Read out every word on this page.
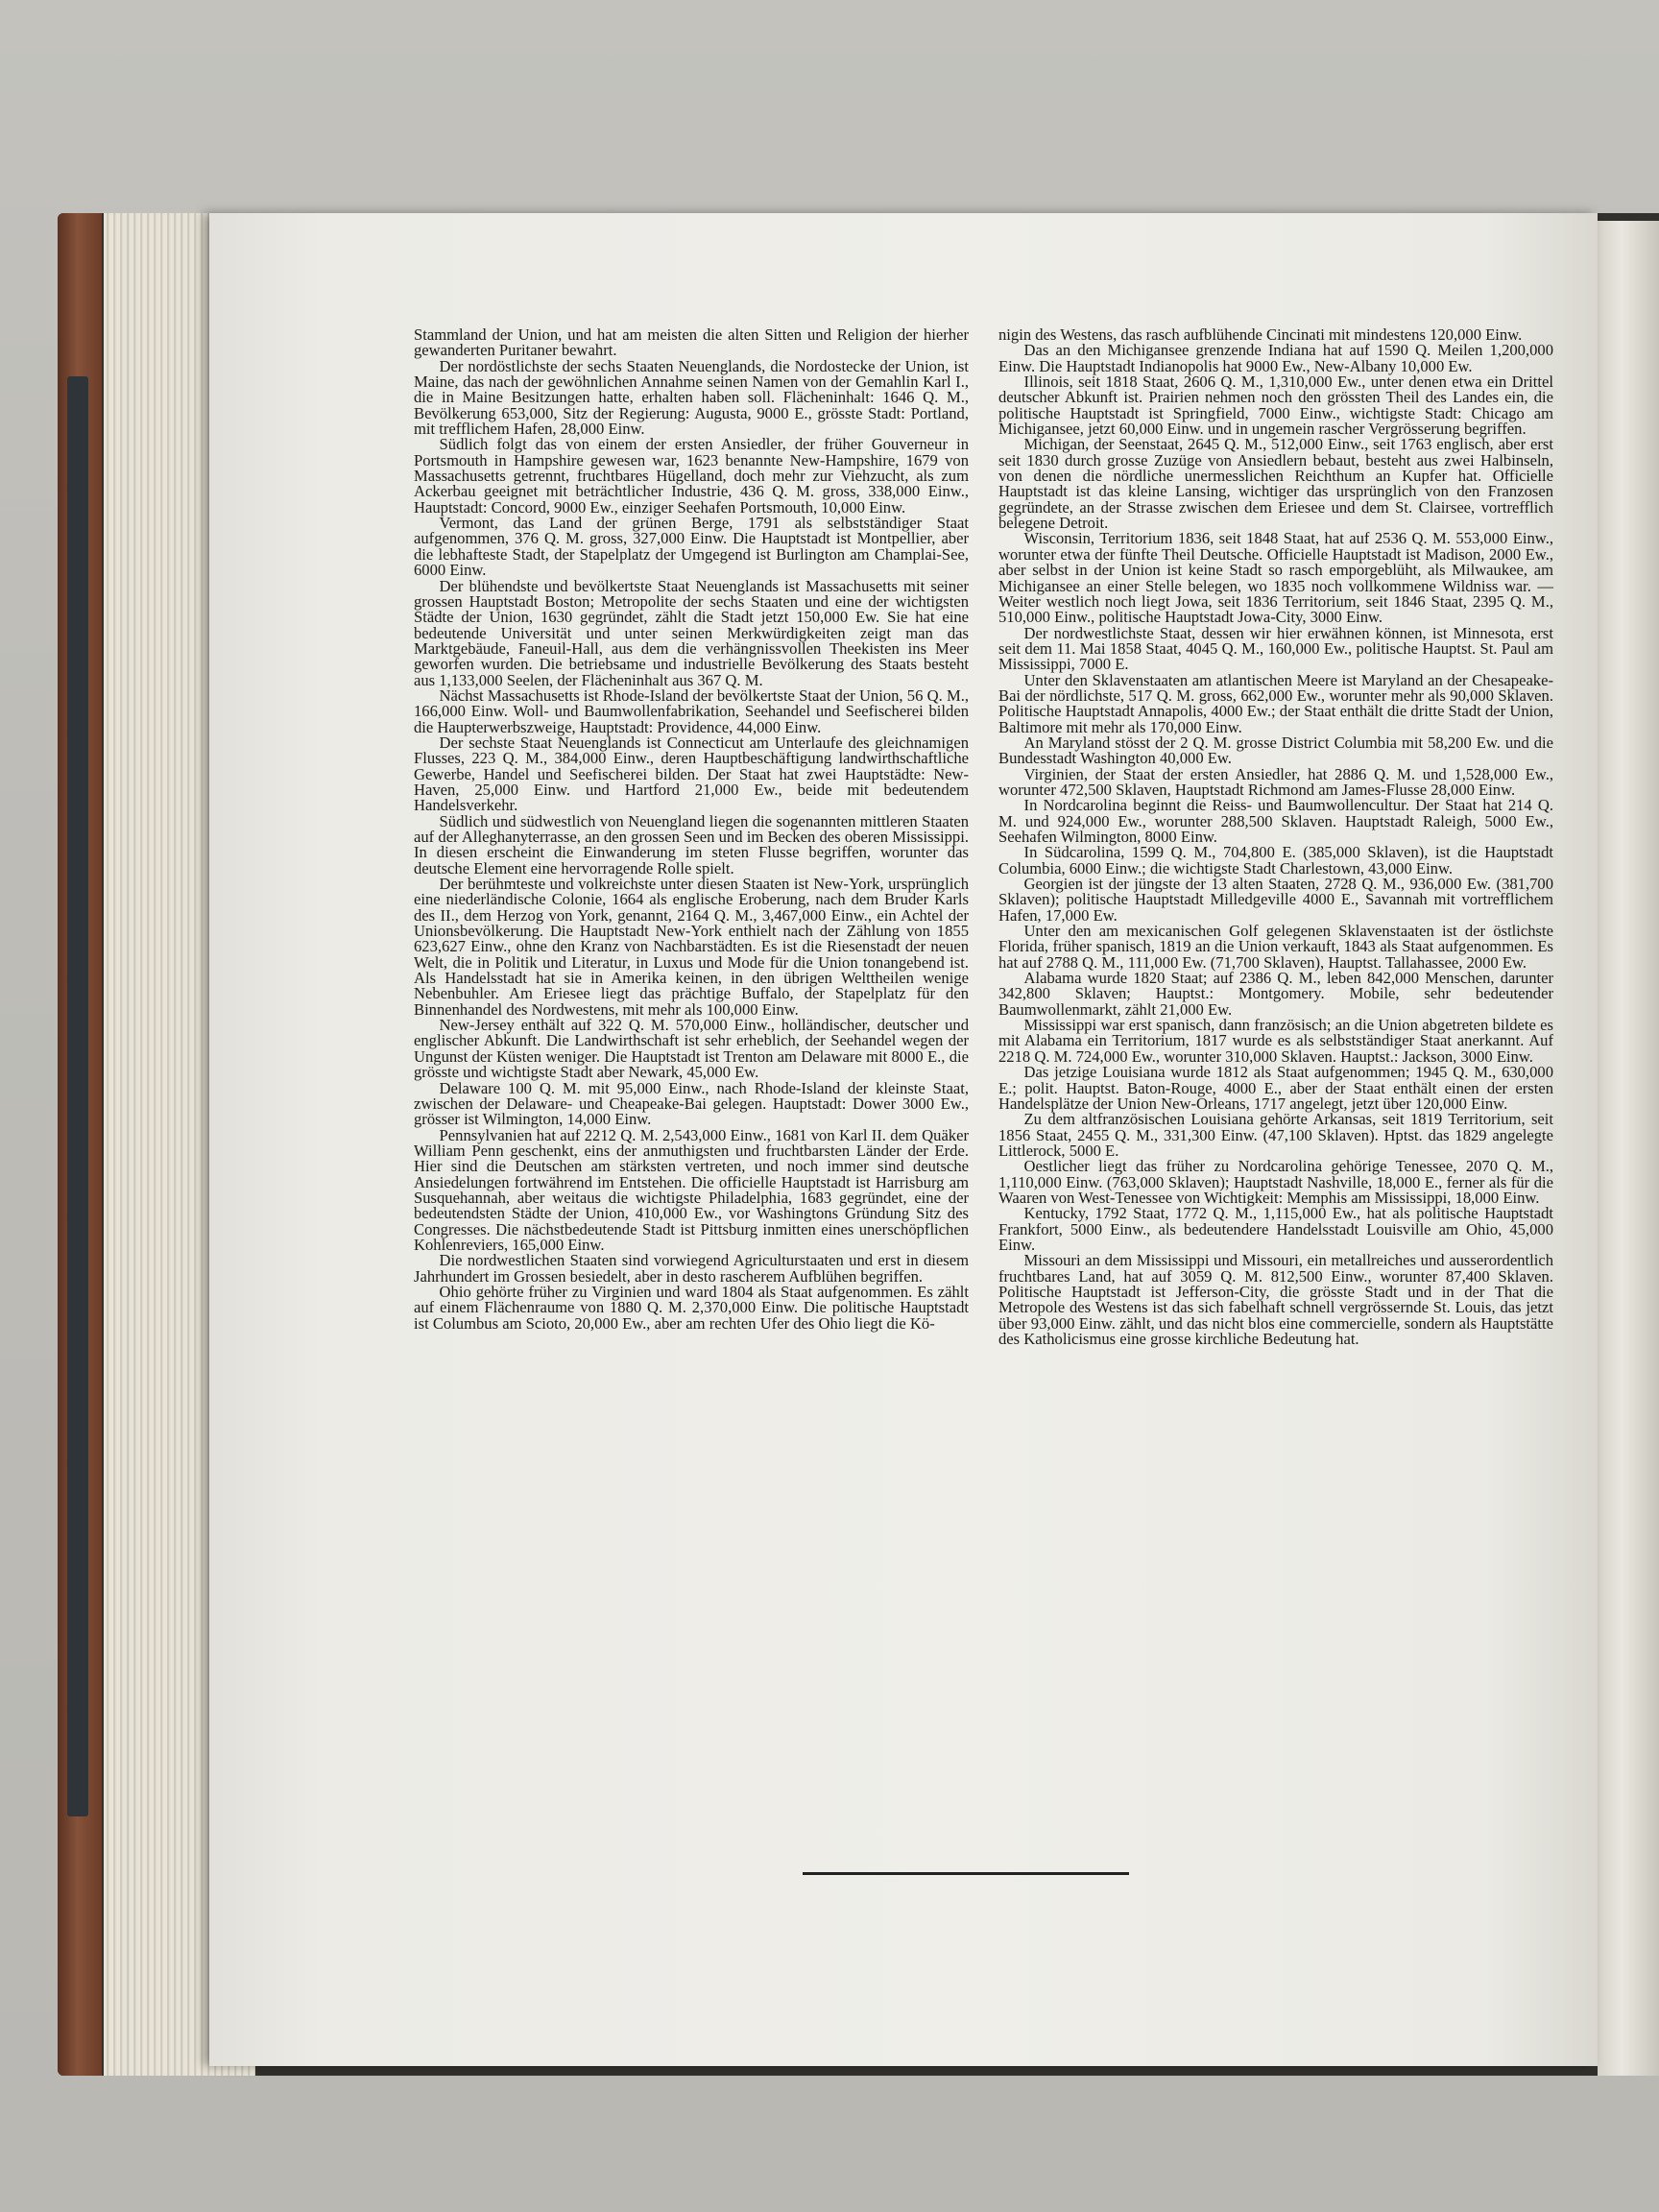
Stammland der Union, und hat am meisten die alten Sitten und Religion der hierher gewanderten Puritaner bewahrt.

Der nordöstlichste der sechs Staaten Neuenglands, die Nordostecke der Union, ist Maine, das nach der gewöhnlichen Annahme seinen Namen von der Gemahlin Karl I., die in Maine Besitzungen hatte, erhalten haben soll. Flächeninhalt: 1646 Q. M., Bevölkerung 653,000, Sitz der Regierung: Augusta, 9000 E., grösste Stadt: Portland, mit trefflichem Hafen, 28,000 Einw.

Südlich folgt das von einem der ersten Ansiedler, der früher Gouverneur in Portsmouth in Hampshire gewesen war, 1623 benannte New-Hampshire, 1679 von Massachusetts getrennt, fruchtbares Hügelland, doch mehr zur Viehzucht, als zum Ackerbau geeignet mit beträchtlicher Industrie, 436 Q. M. gross, 338,000 Einw., Hauptstadt: Concord, 9000 Ew., einziger Seehafen Portsmouth, 10,000 Einw.

Vermont, das Land der grünen Berge, 1791 als selbstständiger Staat aufgenommen, 376 Q. M. gross, 327,000 Einw. Die Hauptstadt ist Montpellier, aber die lebhafteste Stadt, der Stapelplatz der Umgegend ist Burlington am Champlai-See, 6000 Einw.

Der blühendste und bevölkertste Staat Neuenglands ist Massachusetts mit seiner grossen Hauptstadt Boston; Metropolite der sechs Staaten und eine der wichtigsten Städte der Union, 1630 gegründet, zählt die Stadt jetzt 150,000 Ew. Sie hat eine bedeutende Universität und unter seinen Merkwürdigkeiten zeigt man das Marktgebäude, Faneuil-Hall, aus dem die verhängnissvollen Theekisten ins Meer geworfen wurden. Die betriebsame und industrielle Bevölkerung des Staats besteht aus 1,133,000 Seelen, der Flächeninhalt aus 367 Q. M.

Nächst Massachusetts ist Rhode-Island der bevölkertste Staat der Union, 56 Q. M., 166,000 Einw. Woll- und Baumwollenfabrikation, Seehandel und Seefischerei bilden die Haupterwerbszweige, Hauptstadt: Providence, 44,000 Einw.

Der sechste Staat Neuenglands ist Connecticut am Unterlaufe des gleichnamigen Flusses, 223 Q. M., 384,000 Einw., deren Hauptbeschäftigung landwirthschaftliche Gewerbe, Handel und Seefischerei bilden. Der Staat hat zwei Hauptstädte: New-Haven, 25,000 Einw. und Hartford 21,000 Ew., beide mit bedeutendem Handelsverkehr.

Südlich und südwestlich von Neuengland liegen die sogenannten mittleren Staaten auf der Alleghanyterrasse, an den grossen Seen und im Becken des oberen Mississippi. In diesen erscheint die Einwanderung im steten Flusse begriffen, worunter das deutsche Element eine hervorragende Rolle spielt.

Der berühmteste und volkreichste unter diesen Staaten ist New-York, ursprünglich eine niederländische Colonie, 1664 als englische Eroberung, nach dem Bruder Karls des II., dem Herzog von York, genannt, 2164 Q. M., 3,467,000 Einw., ein Achtel der Unionsbevölkerung. Die Hauptstadt New-York enthielt nach der Zählung von 1855 623,627 Einw., ohne den Kranz von Nachbarstädten. Es ist die Riesenstadt der neuen Welt, die in Politik und Literatur, in Luxus und Mode für die Union tonangebend ist. Als Handelsstadt hat sie in Amerika keinen, in den übrigen Welttheilen wenige Nebenbuhler. Am Eriesee liegt das prächtige Buffalo, der Stapelplatz für den Binnenhandel des Nordwestens, mit mehr als 100,000 Einw.

New-Jersey enthält auf 322 Q. M. 570,000 Einw., holländischer, deutscher und englischer Abkunft. Die Landwirthschaft ist sehr erheblich, der Seehandel wegen der Ungunst der Küsten weniger. Die Hauptstadt ist Trenton am Delaware mit 8000 E., die grösste und wichtigste Stadt aber Newark, 45,000 Ew.

Delaware 100 Q. M. mit 95,000 Einw., nach Rhode-Island der kleinste Staat, zwischen der Delaware- und Cheapeake-Bai gelegen. Hauptstadt: Dower 3000 Ew., grösser ist Wilmington, 14,000 Einw.

Pennsylvanien hat auf 2212 Q. M. 2,543,000 Einw., 1681 von Karl II. dem Quäker William Penn geschenkt, eins der anmuthigsten und fruchtbarsten Länder der Erde. Hier sind die Deutschen am stärksten vertreten, und noch immer sind deutsche Ansiedelungen fortwährend im Entstehen. Die officielle Hauptstadt ist Harrisburg am Susquehannah, aber weitaus die wichtigste Philadelphia, 1683 gegründet, eine der bedeutendsten Städte der Union, 410,000 Ew., vor Washingtons Gründung Sitz des Congresses. Die nächstbedeutende Stadt ist Pittsburg inmitten eines unerschöpflichen Kohlenreviers, 165,000 Einw.

Die nordwestlichen Staaten sind vorwiegend Agriculturstaaten und erst in diesem Jahrhundert im Grossen besiedelt, aber in desto rascherem Aufblühen begriffen.

Ohio gehörte früher zu Virginien und ward 1804 als Staat aufgenommen. Es zählt auf einem Flächenraume von 1880 Q. M. 2,370,000 Einw. Die politische Hauptstadt ist Columbus am Scioto, 20,000 Ew., aber am rechten Ufer des Ohio liegt die Kö-

nigin des Westens, das rasch aufblühende Cincinati mit mindestens 120,000 Einw.

Das an den Michigansee grenzende Indiana hat auf 1590 Q. Meilen 1,200,000 Einw. Die Hauptstadt Indianopolis hat 9000 Ew., New-Albany 10,000 Ew.

Illinois, seit 1818 Staat, 2606 Q. M., 1,310,000 Ew., unter denen etwa ein Drittel deutscher Abkunft ist. Prairien nehmen noch den grössten Theil des Landes ein, die politische Hauptstadt ist Springfield, 7000 Einw., wichtigste Stadt: Chicago am Michigansee, jetzt 60,000 Einw. und in ungemein rascher Vergrösserung begriffen.

Michigan, der Seenstaat, 2645 Q. M., 512,000 Einw., seit 1763 englisch, aber erst seit 1830 durch grosse Zuzüge von Ansiedlern bebaut, besteht aus zwei Halbinseln, von denen die nördliche unermesslichen Reichthum an Kupfer hat. Officielle Hauptstadt ist das kleine Lansing, wichtiger das ursprünglich von den Franzosen gegründete, an der Strasse zwischen dem Eriesee und dem St. Clairsee, vortrefflich belegene Detroit.

Wisconsin, Territorium 1836, seit 1848 Staat, hat auf 2536 Q. M. 553,000 Einw., worunter etwa der fünfte Theil Deutsche. Officielle Hauptstadt ist Madison, 2000 Ew., aber selbst in der Union ist keine Stadt so rasch emporgeblüht, als Milwaukee, am Michigansee an einer Stelle belegen, wo 1835 noch vollkommene Wildniss war. — Weiter westlich noch liegt Jowa, seit 1836 Territorium, seit 1846 Staat, 2395 Q. M., 510,000 Einw., politische Hauptstadt Jowa-City, 3000 Einw.

Der nordwestlichste Staat, dessen wir hier erwähnen können, ist Minnesota, erst seit dem 11. Mai 1858 Staat, 4045 Q. M., 160,000 Ew., politische Hauptst. St. Paul am Mississippi, 7000 E.

Unter den Sklavenstaaten am atlantischen Meere ist Maryland an der Chesapeake-Bai der nördlichste, 517 Q. M. gross, 662,000 Ew., worunter mehr als 90,000 Sklaven. Politische Hauptstadt Annapolis, 4000 Ew.; der Staat enthält die dritte Stadt der Union, Baltimore mit mehr als 170,000 Einw.

An Maryland stösst der 2 Q. M. grosse District Columbia mit 58,200 Ew. und die Bundesstadt Washington 40,000 Ew.

Virginien, der Staat der ersten Ansiedler, hat 2886 Q. M. und 1,528,000 Ew., worunter 472,500 Sklaven, Hauptstadt Richmond am James-Flusse 28,000 Einw.

In Nordcarolina beginnt die Reiss- und Baumwollencultur. Der Staat hat 214 Q. M. und 924,000 Ew., worunter 288,500 Sklaven. Hauptstadt Raleigh, 5000 Ew., Seehafen Wilmington, 8000 Einw.

In Südcarolina, 1599 Q. M., 704,800 E. (385,000 Sklaven), ist die Hauptstadt Columbia, 6000 Einw.; die wichtigste Stadt Charlestown, 43,000 Einw.

Georgien ist der jüngste der 13 alten Staaten, 2728 Q. M., 936,000 Ew. (381,700 Sklaven); politische Hauptstadt Milledgeville 4000 E., Savannah mit vortrefflichem Hafen, 17,000 Ew.

Unter den am mexicanischen Golf gelegenen Sklavenstaaten ist der östlichste Florida, früher spanisch, 1819 an die Union verkauft, 1843 als Staat aufgenommen. Es hat auf 2788 Q. M., 111,000 Ew. (71,700 Sklaven), Hauptst. Tallahassee, 2000 Ew.

Alabama wurde 1820 Staat; auf 2386 Q. M., leben 842,000 Menschen, darunter 342,800 Sklaven; Hauptst.: Montgomery. Mobile, sehr bedeutender Baumwollenmarkt, zählt 21,000 Ew.

Mississippi war erst spanisch, dann französisch; an die Union abgetreten bildete es mit Alabama ein Territorium, 1817 wurde es als selbstständiger Staat anerkannt. Auf 2218 Q. M. 724,000 Ew., worunter 310,000 Sklaven. Hauptst.: Jackson, 3000 Einw.

Das jetzige Louisiana wurde 1812 als Staat aufgenommen; 1945 Q. M., 630,000 E.; polit. Hauptst. Baton-Rouge, 4000 E., aber der Staat enthält einen der ersten Handelsplätze der Union New-Orleans, 1717 angelegt, jetzt über 120,000 Einw.

Zu dem altfranzösischen Louisiana gehörte Arkansas, seit 1819 Territorium, seit 1856 Staat, 2455 Q. M., 331,300 Einw. (47,100 Sklaven). Hptst. das 1829 angelegte Littlerock, 5000 E.

Oestlicher liegt das früher zu Nordcarolina gehörige Tenessee, 2070 Q. M., 1,110,000 Einw. (763,000 Sklaven); Hauptstadt Nashville, 18,000 E., ferner als für die Waaren von West-Tenessee von Wichtigkeit: Memphis am Mississippi, 18,000 Einw.

Kentucky, 1792 Staat, 1772 Q. M., 1,115,000 Ew., hat als politische Hauptstadt Frankfort, 5000 Einw., als bedeutendere Handelsstadt Louisville am Ohio, 45,000 Einw.

Missouri an dem Mississippi und Missouri, ein metallreiches und ausserordentlich fruchtbares Land, hat auf 3059 Q. M. 812,500 Einw., worunter 87,400 Sklaven. Politische Hauptstadt ist Jefferson-City, die grösste Stadt und in der That die Metropole des Westens ist das sich fabelhaft schnell vergrössernde St. Louis, das jetzt über 93,000 Einw. zählt, und das nicht blos eine commercielle, sondern als Hauptstätte des Katholicismus eine grosse kirchliche Bedeutung hat.
